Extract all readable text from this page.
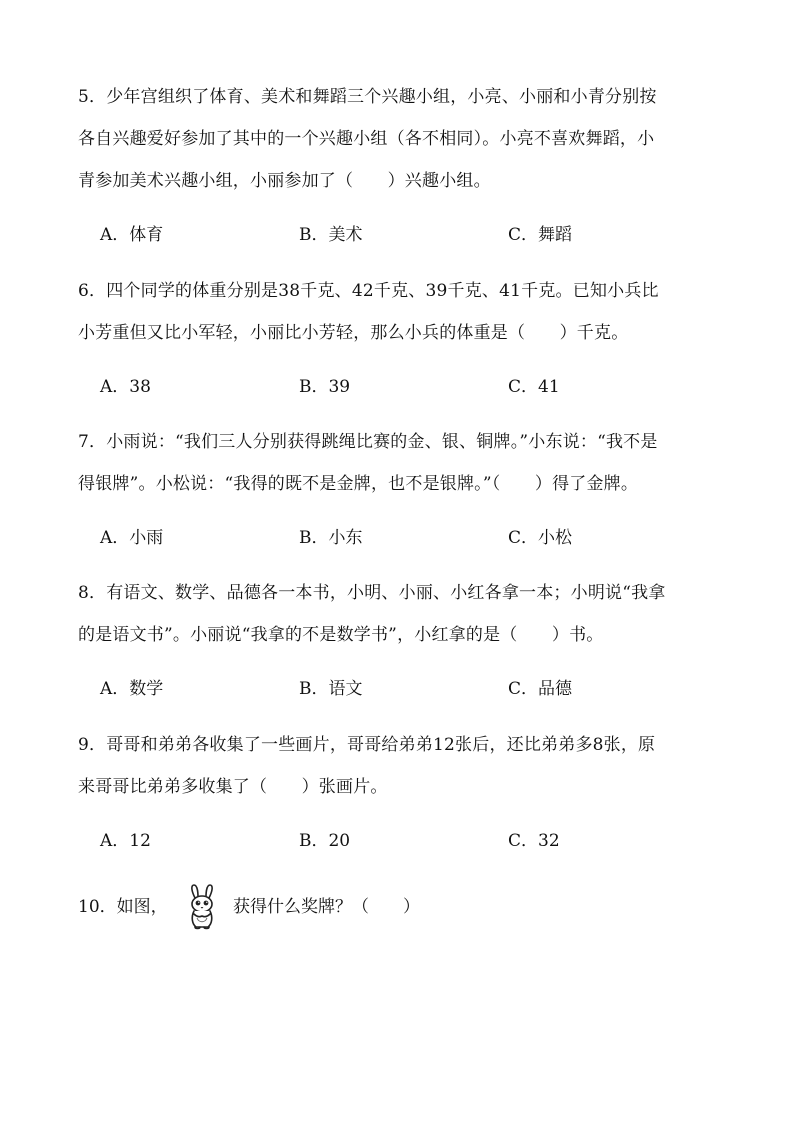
5．少年宫组织了体育、美术和舞蹈三个兴趣小组，小亮、小丽和小青分别按

各自兴趣爱好参加了其中的一个兴趣小组（各不相同）。小亮不喜欢舞蹈，小

青参加美术兴趣小组，小丽参加了（　　）兴趣小组。

A．体育	B．美术	C．舞蹈

6．四个同学的体重分别是38千克、42千克、39千克、41千克。已知小兵比

小芳重但又比小军轻，小丽比小芳轻，那么小兵的体重是（　　）千克。

A．38	B．39	C．41

7．小雨说：“我们三人分别获得跳绳比赛的金、银、铜牌。”小东说：“我不是

得银牌”。小松说：“我得的既不是金牌，也不是银牌。”（　　）得了金牌。

A．小雨	B．小东	C．小松

8．有语文、数学、品德各一本书，小明、小丽、小红各拿一本；小明说“我拿

的是语文书”。小丽说“我拿的不是数学书”，小红拿的是（　　）书。

A．数学	B．语文	C．品德

9．哥哥和弟弟各收集了一些画片，哥哥给弟弟12张后，还比弟弟多8张，原

来哥哥比弟弟多收集了（　　）张画片。

A．12	B．20	C．32
10．如图，	获得什么奖牌？（　　）
